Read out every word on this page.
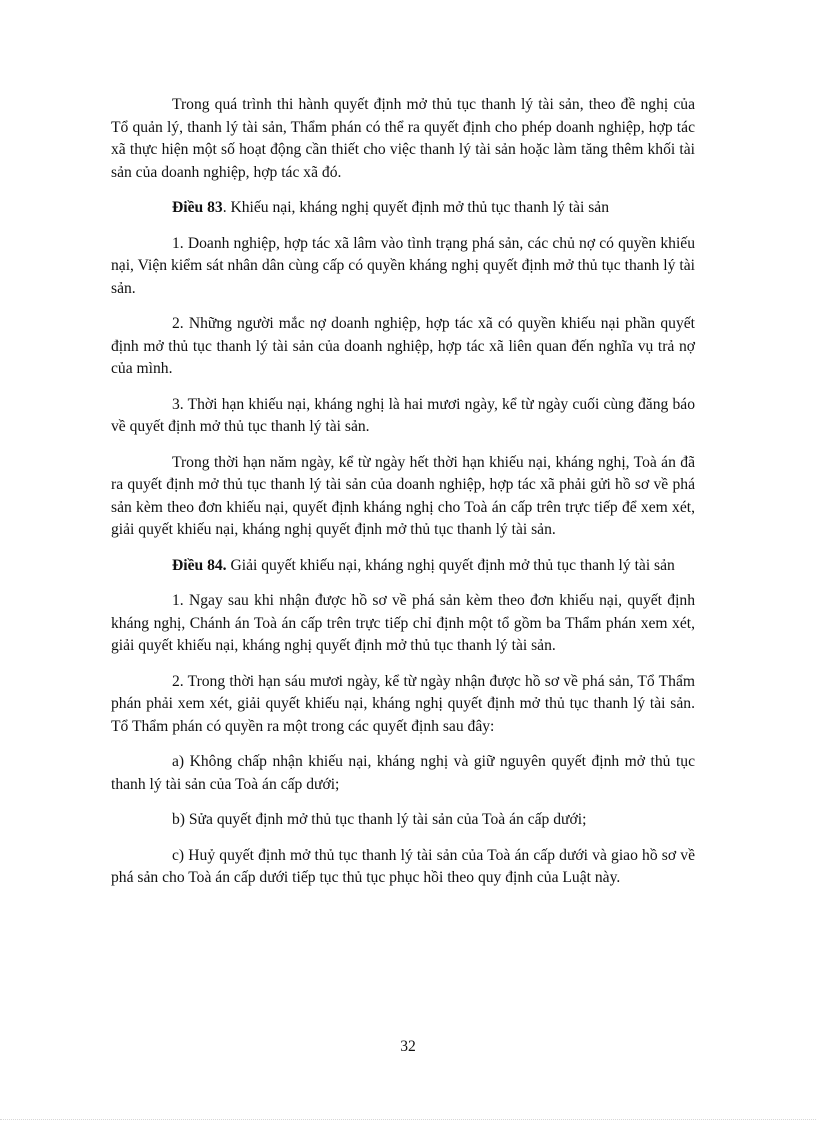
Trong quá trình thi hành quyết định mở thủ tục thanh lý tài sản, theo đề nghị của Tổ quản lý, thanh lý tài sản, Thẩm phán có thể ra quyết định cho phép doanh nghiệp, hợp tác xã thực hiện một số hoạt động cần thiết cho việc thanh lý tài sản hoặc làm tăng thêm khối tài sản của doanh nghiệp, hợp tác xã đó.

Điều 83. Khiếu nại, kháng nghị quyết định mở thủ tục thanh lý tài sản

1. Doanh nghiệp, hợp tác xã lâm vào tình trạng phá sản, các chủ nợ có quyền khiếu nại, Viện kiểm sát nhân dân cùng cấp có quyền kháng nghị quyết định mở thủ tục thanh lý tài sản.

2. Những người mắc nợ doanh nghiệp, hợp tác xã có quyền khiếu nại phần quyết định mở thủ tục thanh lý tài sản của doanh nghiệp, hợp tác xã liên quan đến nghĩa vụ trả nợ của mình.

3. Thời hạn khiếu nại, kháng nghị là hai mươi ngày, kể từ ngày cuối cùng đăng báo về quyết định mở thủ tục thanh lý tài sản.

Trong thời hạn năm ngày, kể từ ngày hết thời hạn khiếu nại, kháng nghị, Toà án đã ra quyết định mở thủ tục thanh lý tài sản của doanh nghiệp, hợp tác xã phải gửi hồ sơ về phá sản kèm theo đơn khiếu nại, quyết định kháng nghị cho Toà án cấp trên trực tiếp để xem xét, giải quyết khiếu nại, kháng nghị quyết định mở thủ tục thanh lý tài sản.

Điều 84. Giải quyết khiếu nại, kháng nghị quyết định mở thủ tục thanh lý tài sản

1. Ngay sau khi nhận được hồ sơ về phá sản kèm theo đơn khiếu nại, quyết định kháng nghị, Chánh án Toà án cấp trên trực tiếp chỉ định một tổ gồm ba Thẩm phán xem xét, giải quyết khiếu nại, kháng nghị quyết định mở thủ tục thanh lý tài sản.

2. Trong thời hạn sáu mươi ngày, kể từ ngày nhận được hồ sơ về phá sản, Tổ Thẩm phán phải xem xét, giải quyết khiếu nại, kháng nghị quyết định mở thủ tục thanh lý tài sản. Tổ Thẩm phán có quyền ra một trong các quyết định sau đây:

a) Không chấp nhận khiếu nại, kháng nghị và giữ nguyên quyết định mở thủ tục thanh lý tài sản của Toà án cấp dưới;

b) Sửa quyết định mở thủ tục thanh lý tài sản của Toà án cấp dưới;

c) Huỷ quyết định mở thủ tục thanh lý tài sản của Toà án cấp dưới và giao hồ sơ về phá sản cho Toà án cấp dưới tiếp tục thủ tục phục hồi theo quy định của Luật này.

32
